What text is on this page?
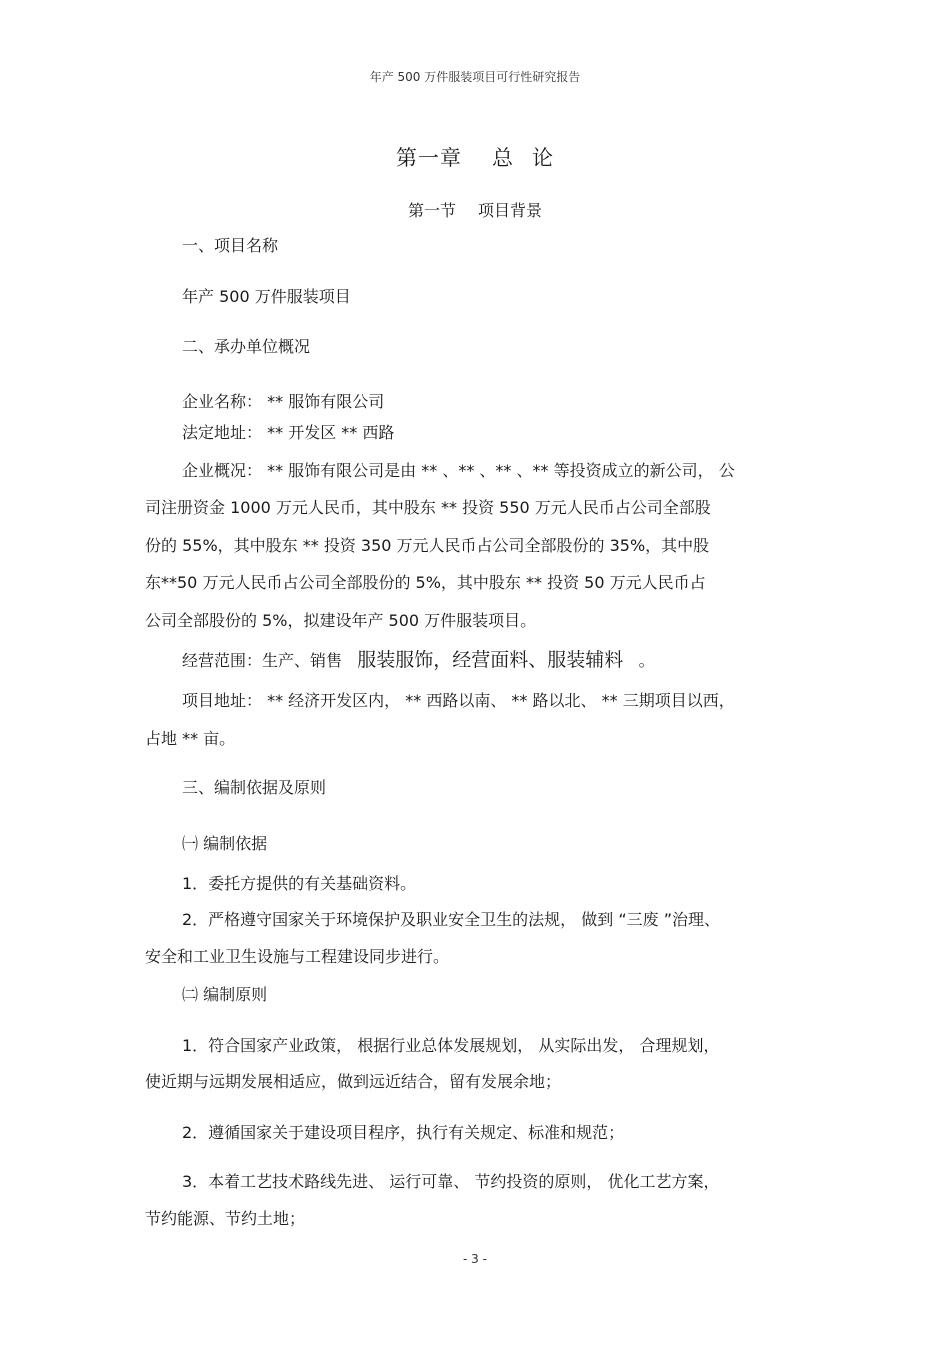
年产 500 万件服装项目可行性研究报告
第一章 总 论
第一节 项目背景
一、项目名称
年产 500 万件服装项目
二、承办单位概况
企业名称： ** 服饰有限公司
法定地址： ** 开发区 ** 西路
企业概况： ** 服饰有限公司是由 ** 、** 、** 、** 等投资成立的新公司， 公
司注册资金 1000 万元人民币，其中股东 ** 投资 550 万元人民币占公司全部股
份的 55%，其中股东 ** 投资 350 万元人民币占公司全部股份的 35%，其中股
东**50 万元人民币占公司全部股份的 5%，其中股东 ** 投资 50 万元人民币占
公司全部股份的 5%，拟建设年产 500 万件服装项目。
经营范围：生产、销售 服装服饰，经营面料、服装辅料 。
项目地址： ** 经济开发区内， ** 西路以南、 ** 路以北、 ** 三期项目以西，
占地 ** 亩。
三、编制依据及原则
㈠ 编制依据
1．委托方提供的有关基础资料。
2．严格遵守国家关于环境保护及职业安全卫生的法规， 做到 “三废 ”治理、
安全和工业卫生设施与工程建设同步进行。
㈡ 编制原则
1．符合国家产业政策， 根据行业总体发展规划， 从实际出发， 合理规划，
使近期与远期发展相适应，做到远近结合，留有发展余地；
2．遵循国家关于建设项目程序，执行有关规定、标准和规范；
3．本着工艺技术路线先进、 运行可靠、 节约投资的原则， 优化工艺方案，
节约能源、节约土地；
- 3 -
